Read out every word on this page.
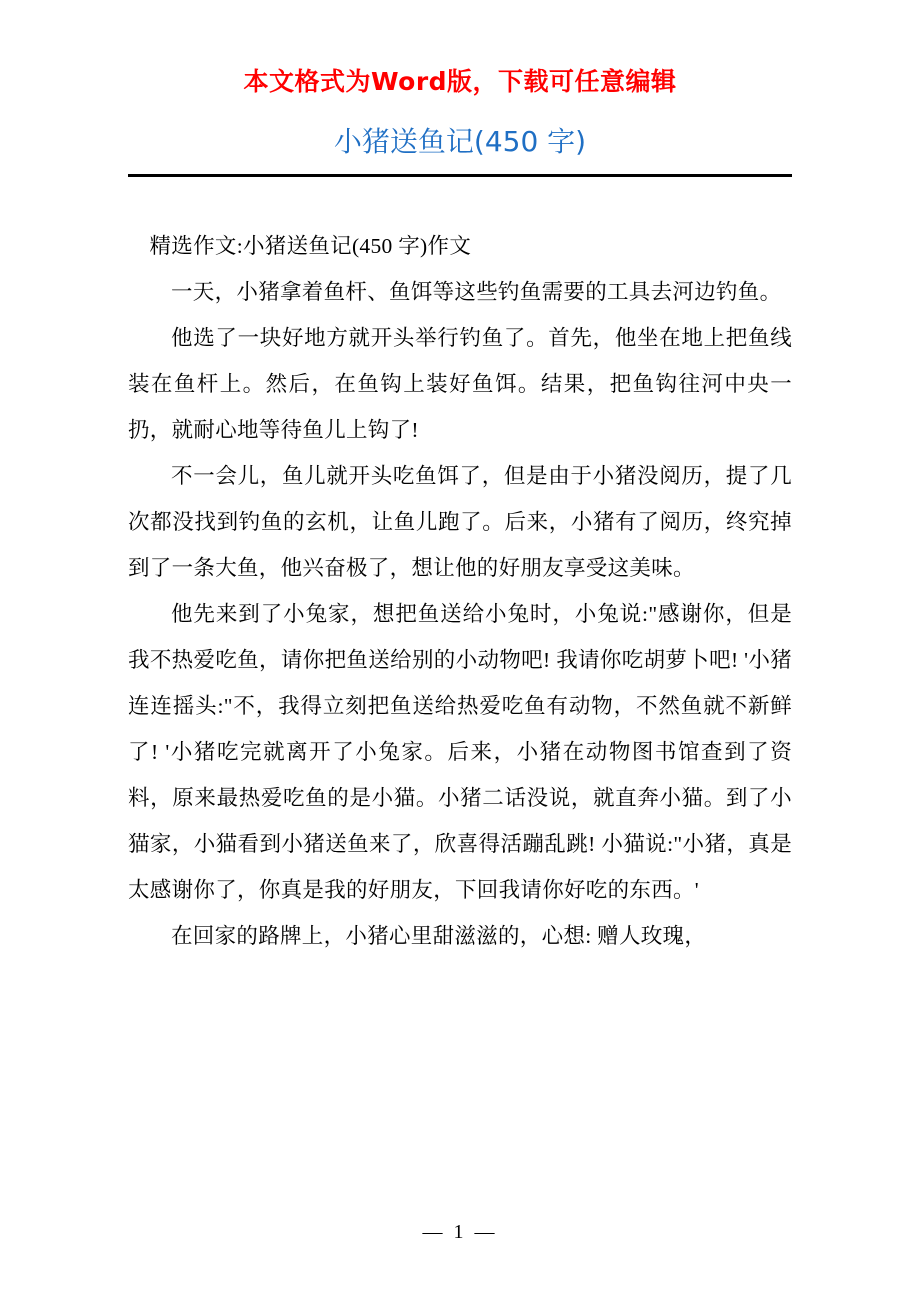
本文格式为Word版，下载可任意编辑
小猪送鱼记(450 字)

精选作文:小猪送鱼记(450 字)作文

一天，小猪拿着鱼杆、鱼饵等这些钓鱼需要的工具去河边钓鱼。

他选了一块好地方就开头举行钓鱼了。首先，他坐在地上把鱼线装在鱼杆上。然后，在鱼钩上装好鱼饵。结果，把鱼钩往河中央一扔，就耐心地等待鱼儿上钩了!

不一会儿，鱼儿就开头吃鱼饵了，但是由于小猪没阅历，提了几次都没找到钓鱼的玄机，让鱼儿跑了。后来，小猪有了阅历，终究掉到了一条大鱼，他兴奋极了，想让他的好朋友享受这美味。

他先来到了小兔家，想把鱼送给小兔时，小兔说:"感谢你，但是我不热爱吃鱼，请你把鱼送给别的小动物吧! 我请你吃胡萝卜吧! '小猪连连摇头:"不，我得立刻把鱼送给热爱吃鱼有动物，不然鱼就不新鲜了! '小猪吃完就离开了小兔家。后来，小猪在动物图书馆查到了资料，原来最热爱吃鱼的是小猫。小猪二话没说，就直奔小猫。到了小猫家，小猫看到小猪送鱼来了，欣喜得活蹦乱跳! 小猫说:"小猪，真是太感谢你了，你真是我的好朋友，下回我请你好吃的东西。'

在回家的路牌上，小猪心里甜滋滋的，心想: 赠人玫瑰，

— 1 —
